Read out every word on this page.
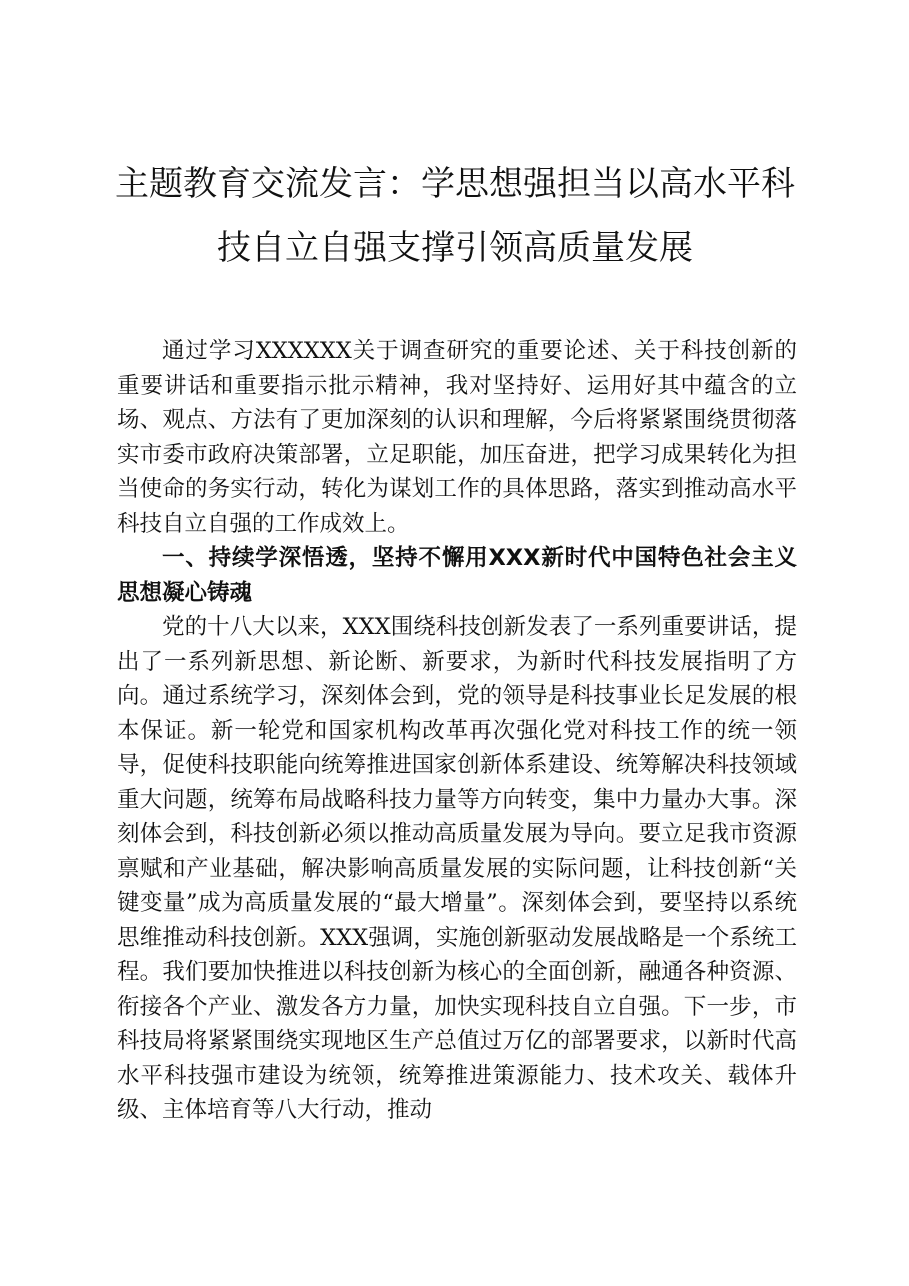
主题教育交流发言：学思想强担当以高水平科
技自立自强支撑引领高质量发展

通过学习XXXXXX关于调查研究的重要论述、关于科技创新的重要讲话和重要指示批示精神，我对坚持好、运用好其中蕴含的立场、观点、方法有了更加深刻的认识和理解，今后将紧紧围绕贯彻落实市委市政府决策部署，立足职能，加压奋进，把学习成果转化为担当使命的务实行动，转化为谋划工作的具体思路，落实到推动高水平科技自立自强的工作成效上。

一、持续学深悟透，坚持不懈用XXX新时代中国特色社会主义思想凝心铸魂

党的十八大以来，XXX围绕科技创新发表了一系列重要讲话，提出了一系列新思想、新论断、新要求，为新时代科技发展指明了方向。通过系统学习，深刻体会到，党的领导是科技事业长足发展的根本保证。新一轮党和国家机构改革再次强化党对科技工作的统一领导，促使科技职能向统筹推进国家创新体系建设、统筹解决科技领域重大问题，统筹布局战略科技力量等方向转变，集中力量办大事。深刻体会到，科技创新必须以推动高质量发展为导向。要立足我市资源禀赋和产业基础，解决影响高质量发展的实际问题，让科技创新“关键变量”成为高质量发展的“最大增量”。深刻体会到，要坚持以系统思维推动科技创新。XXX强调，实施创新驱动发展战略是一个系统工程。我们要加快推进以科技创新为核心的全面创新，融通各种资源、衔接各个产业、激发各方力量，加快实现科技自立自强。下一步，市科技局将紧紧围绕实现地区生产总值过万亿的部署要求，以新时代高水平科技强市建设为统领，统筹推进策源能力、技术攻关、载体升级、主体培育等八大行动，推动
